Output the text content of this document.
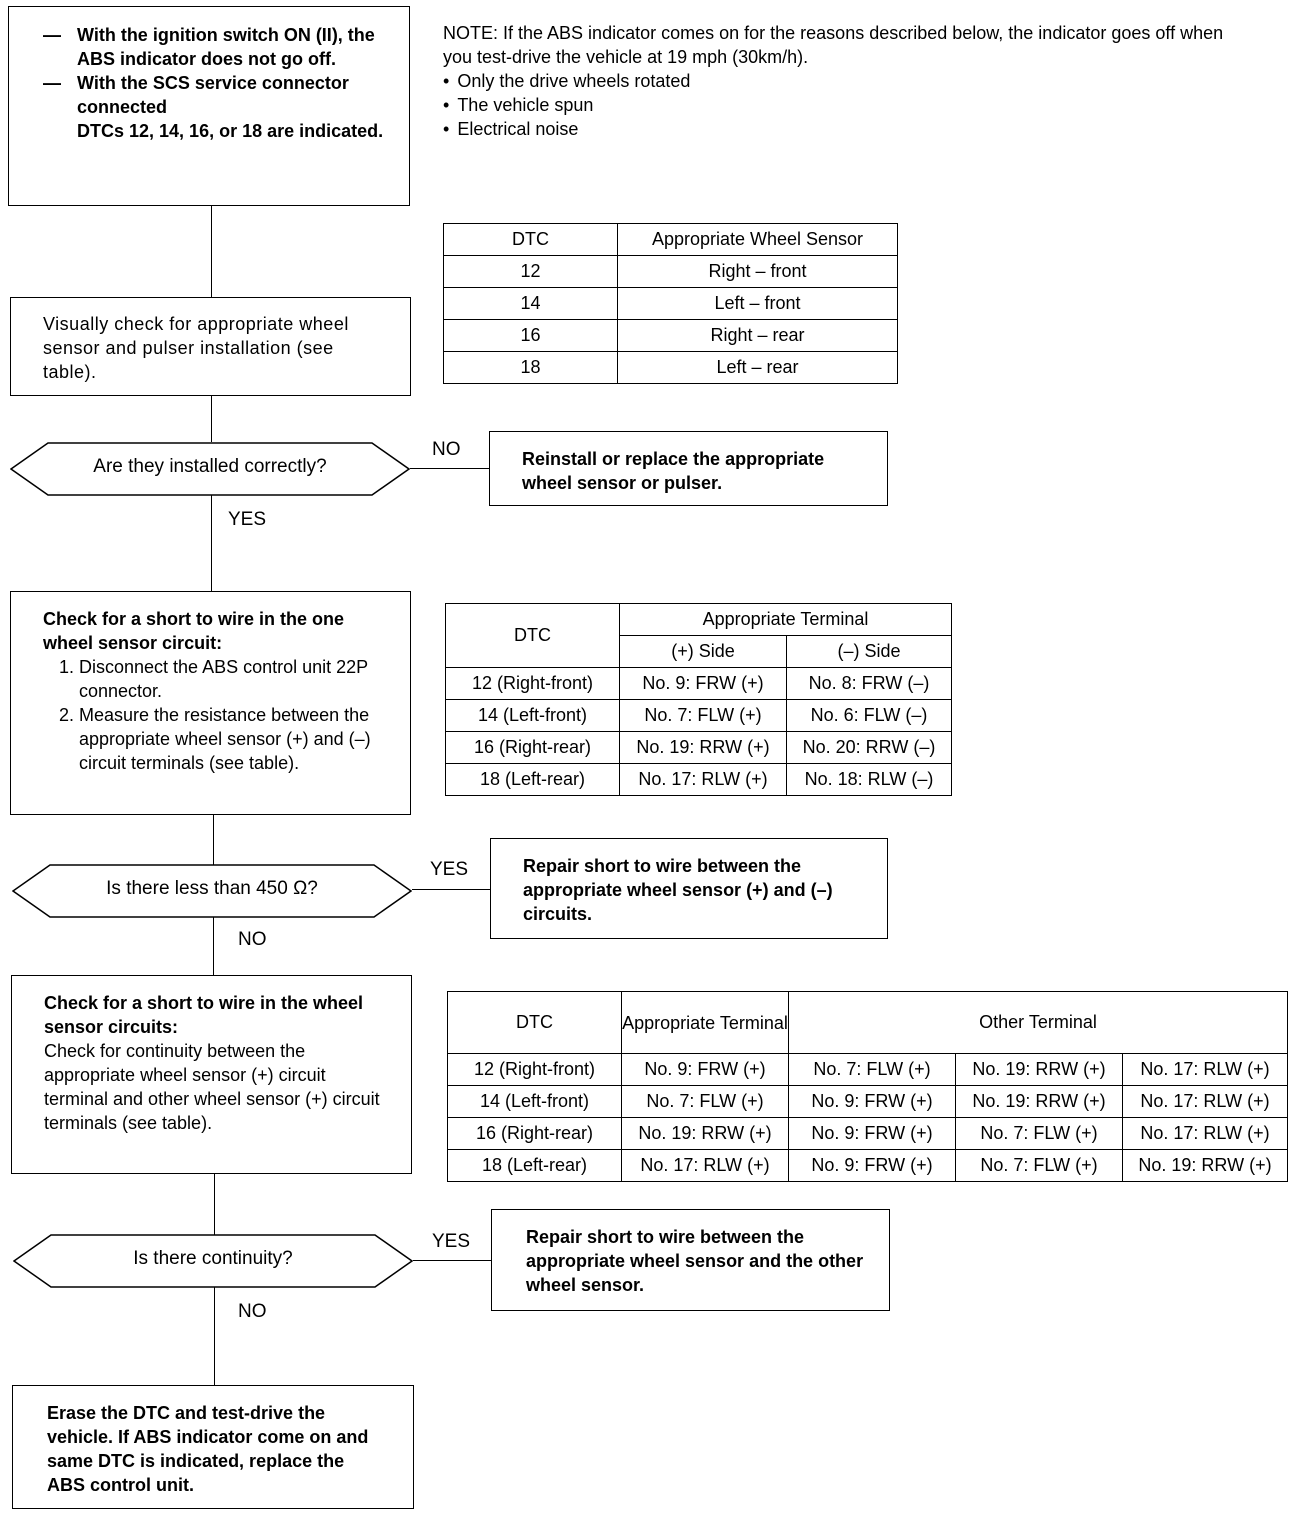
— With the ignition switch ON (II), the ABS indicator does not go off.
— With the SCS service connector connected
DTCs 12, 14, 16, or 18 are indicated.
NOTE: If the ABS indicator comes on for the reasons described below, the indicator goes off when you test-drive the vehicle at 19 mph (30km/h).
• Only the drive wheels rotated
• The vehicle spun
• Electrical noise
DTC	Appropriate Wheel Sensor
12	Right – front
14	Left – front
16	Right – rear
18	Left – rear
Visually check for appropriate wheel sensor and pulser installation (see table).
Are they installed correctly?
NO
YES
Reinstall or replace the appropriate wheel sensor or pulser.
Check for a short to wire in the one wheel sensor circuit:
1. Disconnect the ABS control unit 22P connector.
2. Measure the resistance between the appropriate wheel sensor (+) and (–) circuit terminals (see table).
DTC	Appropriate Terminal	
	(+) Side	(–) Side
12 (Right-front)	No. 9: FRW (+)	No. 8: FRW (–)
14 (Left-front)	No. 7: FLW (+)	No. 6: FLW (–)
16 (Right-rear)	No. 19: RRW (+)	No. 20: RRW (–)
18 (Left-rear)	No. 17: RLW (+)	No. 18: RLW (–)
Is there less than 450 Ω?
YES
NO
Repair short to wire between the appropriate wheel sensor (+) and (–) circuits.
Check for a short to wire in the wheel sensor circuits:
Check for continuity between the appropriate wheel sensor (+) circuit terminal and other wheel sensor (+) circuit terminals (see table).
DTC	Appropriate Terminal	Other Terminal		
12 (Right-front)	No. 9: FRW (+)	No. 7: FLW (+)	No. 19: RRW (+)	No. 17: RLW (+)
14 (Left-front)	No. 7: FLW (+)	No. 9: FRW (+)	No. 19: RRW (+)	No. 17: RLW (+)
16 (Right-rear)	No. 19: RRW (+)	No. 9: FRW (+)	No. 7: FLW (+)	No. 17: RLW (+)
18 (Left-rear)	No. 17: RLW (+)	No. 9: FRW (+)	No. 7: FLW (+)	No. 19: RRW (+)
Is there continuity?
YES
NO
Repair short to wire between the appropriate wheel sensor and the other wheel sensor.
Erase the DTC and test-drive the vehicle. If ABS indicator come on and same DTC is indicated, replace the ABS control unit.
